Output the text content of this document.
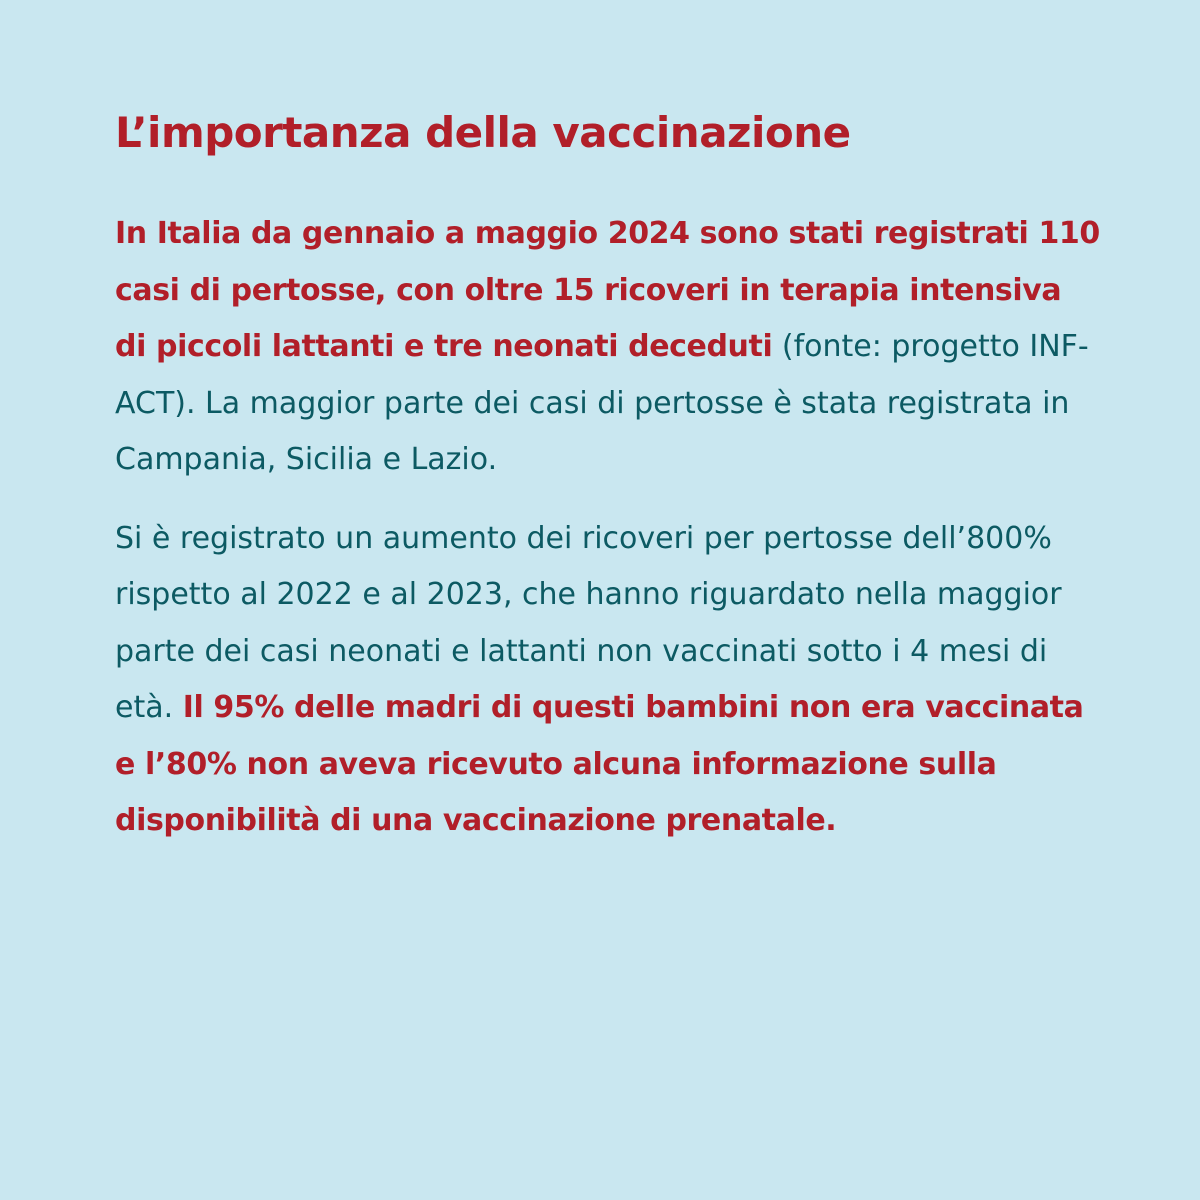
L’importanza della vaccinazione

In Italia da gennaio a maggio 2024 sono stati registrati 110 casi di pertosse, con oltre 15 ricoveri in terapia intensiva di piccoli lattanti e tre neonati deceduti (fonte: progetto INF-ACT). La maggior parte dei casi di pertosse è stata registrata in Campania, Sicilia e Lazio.

Si è registrato un aumento dei ricoveri per pertosse dell’800% rispetto al 2022 e al 2023, che hanno riguardato nella maggior parte dei casi neonati e lattanti non vaccinati sotto i 4 mesi di età. Il 95% delle madri di questi bambini non era vaccinata e l’80% non aveva ricevuto alcuna informazione sulla disponibilità di una vaccinazione prenatale.
